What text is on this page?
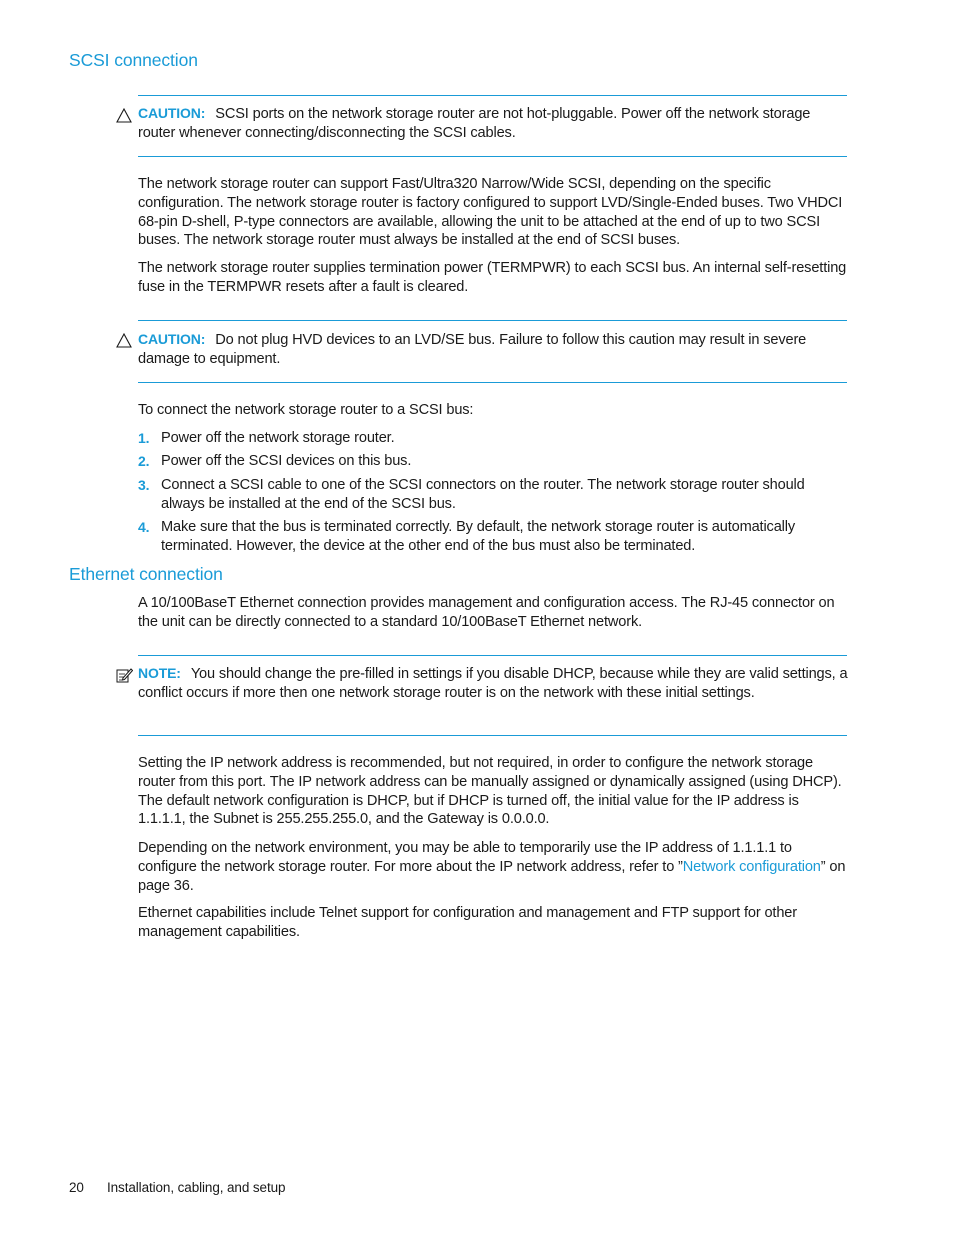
SCSI connection

CAUTION: SCSI ports on the network storage router are not hot-pluggable. Power off the network storage router whenever connecting/disconnecting the SCSI cables.

The network storage router can support Fast/Ultra320 Narrow/Wide SCSI, depending on the specific configuration. The network storage router is factory configured to support LVD/Single-Ended buses. Two VHDCI 68-pin D-shell, P-type connectors are available, allowing the unit to be attached at the end of up to two SCSI buses. The network storage router must always be installed at the end of SCSI buses.

The network storage router supplies termination power (TERMPWR) to each SCSI bus. An internal self-resetting fuse in the TERMPWR resets after a fault is cleared.

CAUTION: Do not plug HVD devices to an LVD/SE bus. Failure to follow this caution may result in severe damage to equipment.

To connect the network storage router to a SCSI bus:

1. Power off the network storage router.
2. Power off the SCSI devices on this bus.
3. Connect a SCSI cable to one of the SCSI connectors on the router. The network storage router should always be installed at the end of the SCSI bus.
4. Make sure that the bus is terminated correctly. By default, the network storage router is automatically terminated. However, the device at the other end of the bus must also be terminated.
Ethernet connection

A 10/100BaseT Ethernet connection provides management and configuration access. The RJ-45 connector on the unit can be directly connected to a standard 10/100BaseT Ethernet network.

NOTE: You should change the pre-filled in settings if you disable DHCP, because while they are valid settings, a conflict occurs if more then one network storage router is on the network with these initial settings.

Setting the IP network address is recommended, but not required, in order to configure the network storage router from this port. The IP network address can be manually assigned or dynamically assigned (using DHCP). The default network configuration is DHCP, but if DHCP is turned off, the initial value for the IP address is 1.1.1.1, the Subnet is 255.255.255.0, and the Gateway is 0.0.0.0.

Depending on the network environment, you may be able to temporarily use the IP address of 1.1.1.1 to configure the network storage router. For more about the IP network address, refer to ”Network configuration” on page 36.

Ethernet capabilities include Telnet support for configuration and management and FTP support for other management capabilities.

20 Installation, cabling, and setup
